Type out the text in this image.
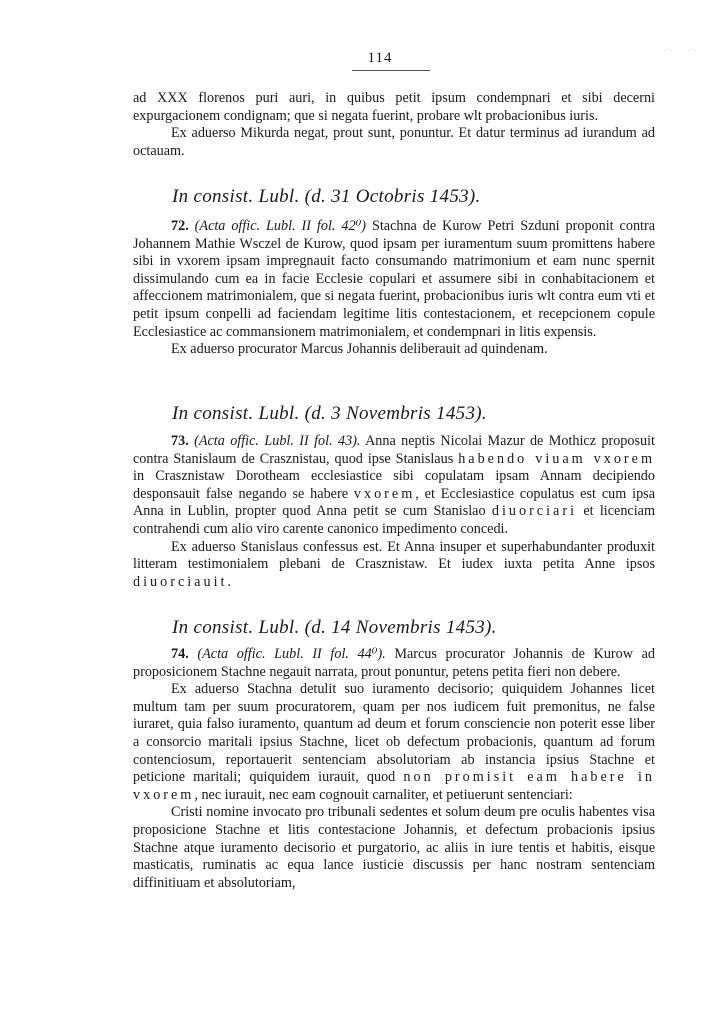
. . . . . . . .
114

ad XXX florenos puri auri, in quibus petit ipsum condempnari et sibi decerni expurgacionem condignam; que si negata fuerint, probare wlt probacionibus iuris.

Ex aduerso Mikurda negat, prout sunt, ponuntur. Et datur terminus ad iurandum ad octauam.

In consist. Lubl. (d. 31 Octobris 1453).

72. (Acta offic. Lubl. II fol. 42⁰) Stachna de Kurow Petri Szduni proponit contra Johannem Mathie Wsczel de Kurow, quod ipsam per iuramentum suum promittens habere sibi in vxorem ipsam impregnauit facto consumando matrimonium et eam nunc spernit dissimulando cum ea in facie Ecclesie copulari et assumere sibi in conhabitacionem et affeccionem matrimonialem, que si negata fuerint, probacionibus iuris wlt contra eum vti et petit ipsum conpelli ad faciendam legitime litis contestacionem, et recepcionem copule Ecclesiastice ac commansionem matrimonialem, et condempnari in litis expensis.

Ex aduerso procurator Marcus Johannis deliberauit ad quindenam.

In consist. Lubl. (d. 3 Novembris 1453).

73. (Acta offic. Lubl. II fol. 43). Anna neptis Nicolai Mazur de Mothicz proposuit contra Stanislaum de Crasznistau, quod ipse Stanislaus habendo viuam vxorem in Crasznistaw Dorotheam ecclesiastice sibi copulatam ipsam Annam decipiendo desponsauit false negando se habere vxorem, et Ecclesiastice copulatus est cum ipsa Anna in Lublin, propter quod Anna petit se cum Stanislao diuorciari et licenciam contrahendi cum alio viro carente canonico impedimento concedi.

Ex aduerso Stanislaus confessus est. Et Anna insuper et superhabundanter produxit litteram testimonialem plebani de Crasznistaw. Et iudex iuxta petita Anne ipsos diuorciauit.

In consist. Lubl. (d. 14 Novembris 1453).

74. (Acta offic. Lubl. II fol. 44⁰). Marcus procurator Johannis de Kurow ad proposicionem Stachne negauit narrata, prout ponuntur, petens petita fieri non debere.

Ex aduerso Stachna detulit suo iuramento decisorio; quiquidem Johannes licet multum tam per suum procuratorem, quam per nos iudicem fuit premonitus, ne false iuraret, quia falso iuramento, quantum ad deum et forum consciencie non poterit esse liber a consorcio maritali ipsius Stachne, licet ob defectum probacionis, quantum ad forum contenciosum, reportauerit sentenciam absolutoriam ab instancia ipsius Stachne et peticione maritali; quiquidem iurauit, quod non promisit eam habere in vxorem, nec iurauit, nec eam cognouit carnaliter, et petiuerunt sentenciari:

Cristi nomine invocato pro tribunali sedentes et solum deum pre oculis habentes visa proposicione Stachne et litis contestacione Johannis, et defectum probacionis ipsius Stachne atque iuramento decisorio et purgatorio, ac aliis in iure tentis et habitis, eisque masticatis, ruminatis ac equa lance iusticie discussis per hanc nostram sentenciam diffinitiuam et absolutoriam,
